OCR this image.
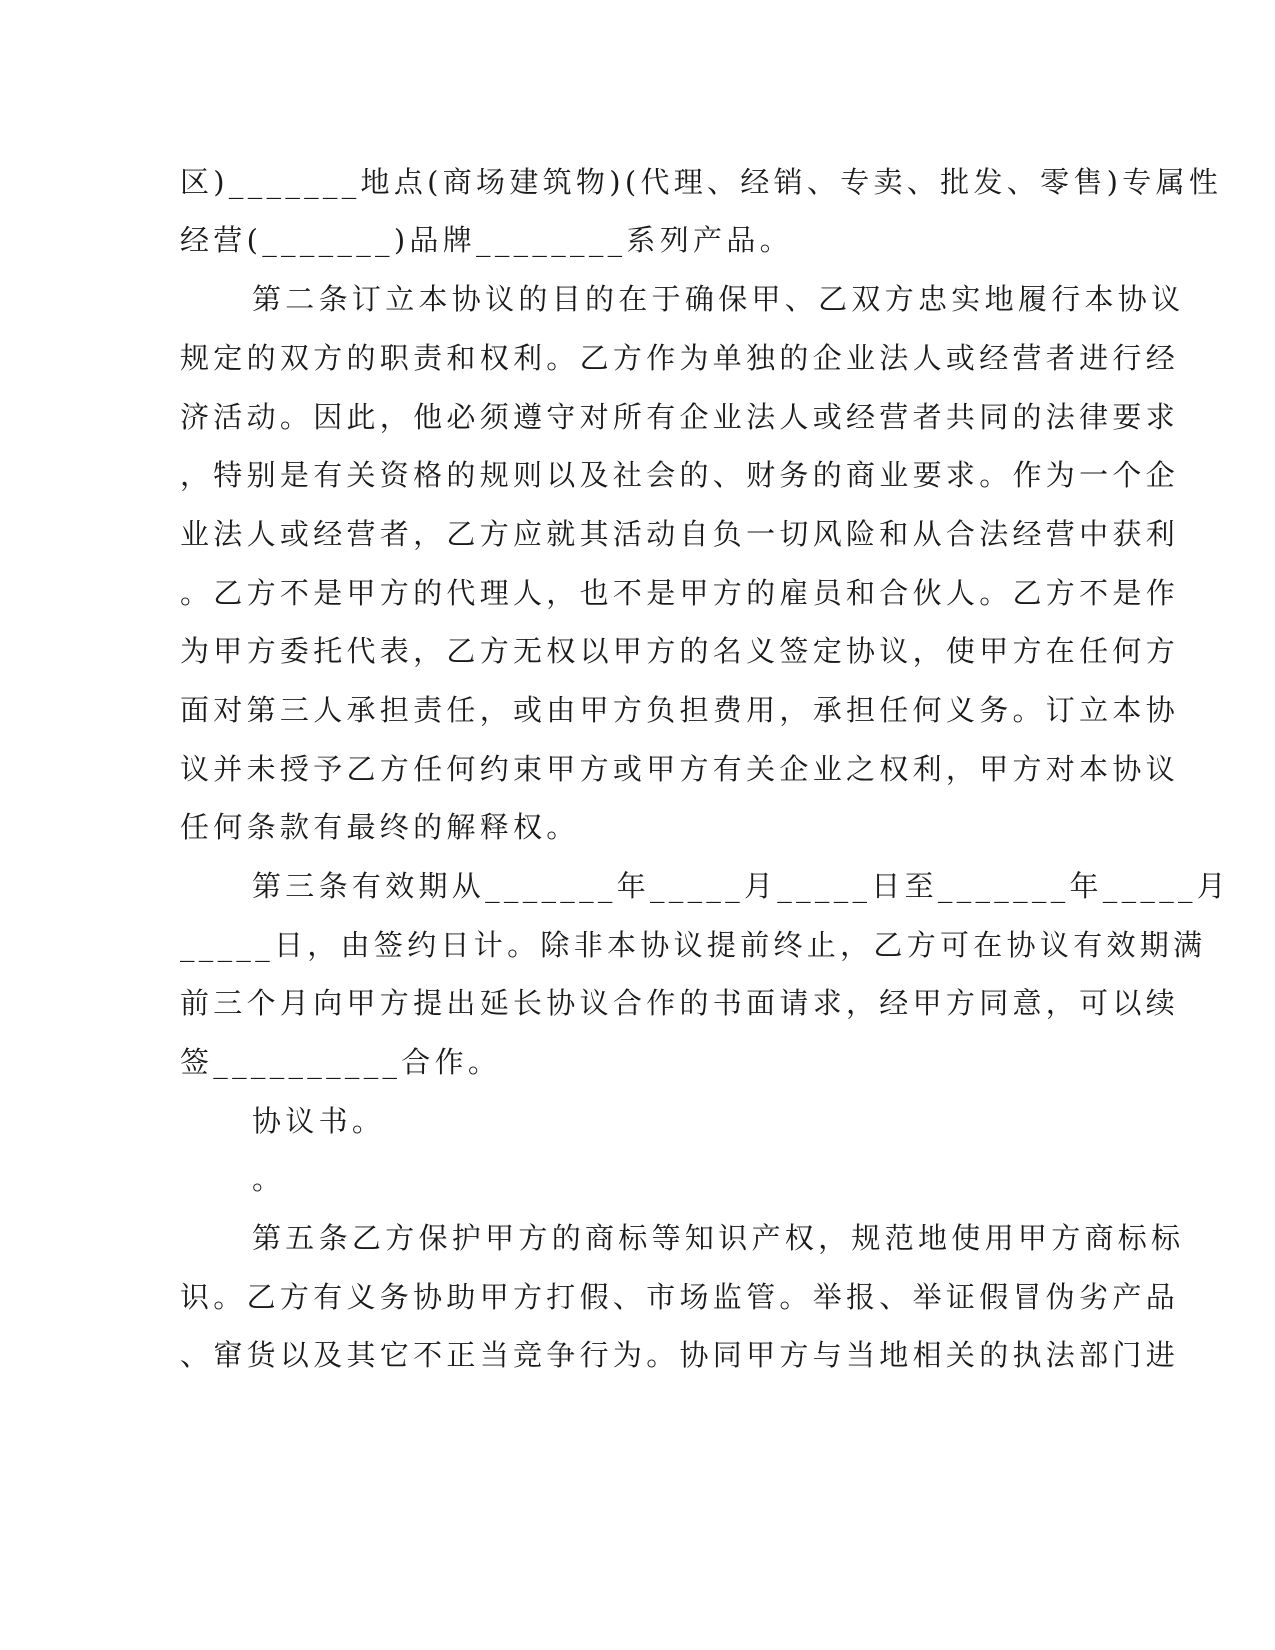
区)_______地点(商场建筑物)(代理、经销、专卖、批发、零售)专属性
经营(_______)品牌________系列产品。
第二条订立本协议的目的在于确保甲、乙双方忠实地履行本协议
规定的双方的职责和权利。乙方作为单独的企业法人或经营者进行经
济活动。因此，他必须遵守对所有企业法人或经营者共同的法律要求
，特别是有关资格的规则以及社会的、财务的商业要求。作为一个企
业法人或经营者，乙方应就其活动自负一切风险和从合法经营中获利
。乙方不是甲方的代理人，也不是甲方的雇员和合伙人。乙方不是作
为甲方委托代表，乙方无权以甲方的名义签定协议，使甲方在任何方
面对第三人承担责任，或由甲方负担费用，承担任何义务。订立本协
议并未授予乙方任何约束甲方或甲方有关企业之权利，甲方对本协议
任何条款有最终的解释权。
第三条有效期从_______年_____月_____日至_______年_____月
_____日，由签约日计。除非本协议提前终止，乙方可在协议有效期满
前三个月向甲方提出延长协议合作的书面请求，经甲方同意，可以续
签__________合作。
协议书。
。
第五条乙方保护甲方的商标等知识产权，规范地使用甲方商标标
识。乙方有义务协助甲方打假、市场监管。举报、举证假冒伪劣产品
、窜货以及其它不正当竞争行为。协同甲方与当地相关的执法部门进
